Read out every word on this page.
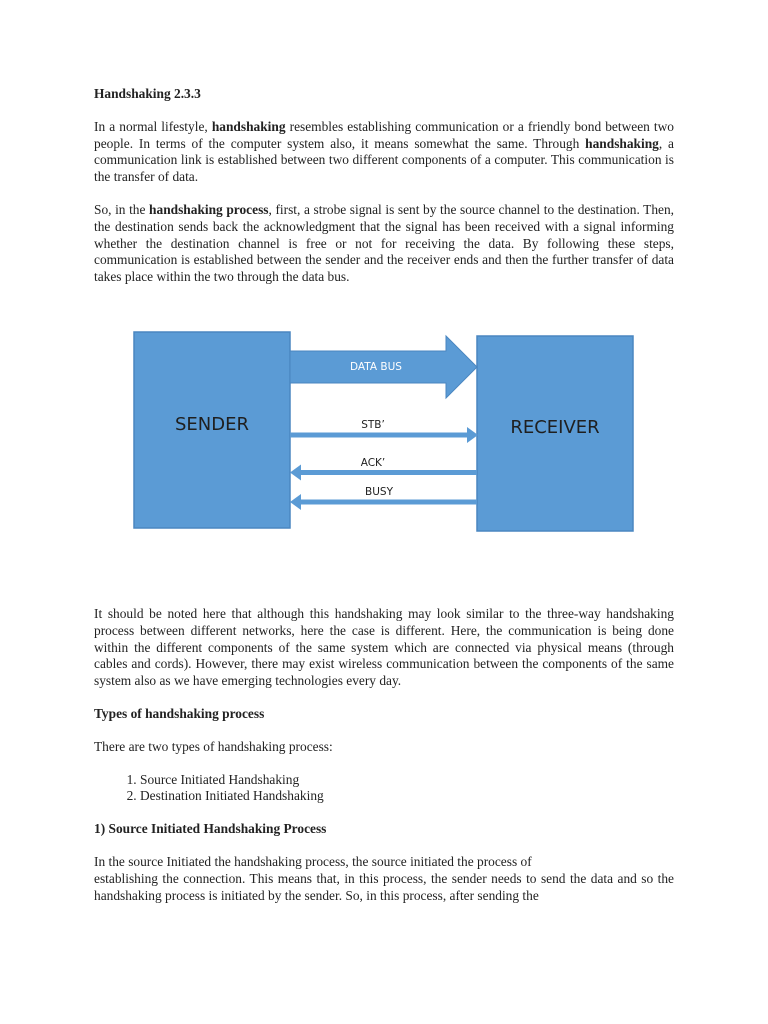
Handshaking 2.3.3

In a normal lifestyle, handshaking resembles establishing communication or a friendly bond between two people. In terms of the computer system also, it means somewhat the same. Through handshaking, a communication link is established between two different components of a computer. This communication is the transfer of data.

So, in the handshaking process, first, a strobe signal is sent by the source channel to the destination. Then, the destination sends back the acknowledgment that the signal has been received with a signal informing whether the destination channel is free or not for receiving the data. By following these steps, communication is established between the sender and the receiver ends and then the further transfer of data takes place within the two through the data bus.

SENDER	RECEIVER
DATA BUS
STB’
ACK’
BUSY

It should be noted here that although this handshaking may look similar to the three-way handshaking process between different networks, here the case is different. Here, the communication is being done within the different components of the same system which are connected via physical means (through cables and cords). However, there may exist wireless communication between the components of the same system also as we have emerging technologies every day.

Types of handshaking process

There are two types of handshaking process:

1. Source Initiated Handshaking
2. Destination Initiated Handshaking

1) Source Initiated Handshaking Process

In the source Initiated the handshaking process, the source initiated the process of

establishing the connection. This means that, in this process, the sender needs to send the data and so the handshaking process is initiated by the sender. So, in this process, after sending the
